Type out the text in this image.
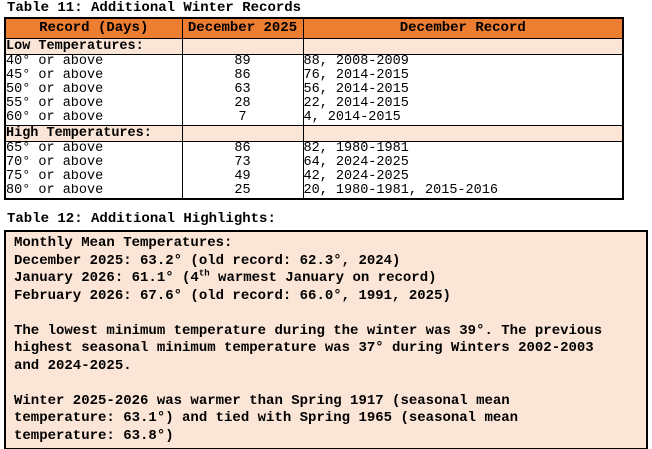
Table 11: Additional Winter Records
Record (Days)	December 2025	December Record
Low Temperatures:		
40° or above	89	88, 2008-2009
45° or above	86	76, 2014-2015
50° or above	63	56, 2014-2015
55° or above	28	22, 2014-2015
60° or above	7	4, 2014-2015
High Temperatures:		
65° or above	86	82, 1980-1981
70° or above	73	64, 2024-2025
75° or above	49	42, 2024-2025
80° or above	25	20, 1980-1981, 2015-2016
Table 12: Additional Highlights:
Monthly Mean Temperatures:
December 2025: 63.2° (old record: 62.3°, 2024)
January 2026: 61.1° (4th warmest January on record)
February 2026: 67.6° (old record: 66.0°, 1991, 2025)
The lowest minimum temperature during the winter was 39°. The previous
highest seasonal minimum temperature was 37° during Winters 2002-2003
and 2024-2025.
Winter 2025-2026 was warmer than Spring 1917 (seasonal mean
temperature: 63.1°) and tied with Spring 1965 (seasonal mean
temperature: 63.8°)
